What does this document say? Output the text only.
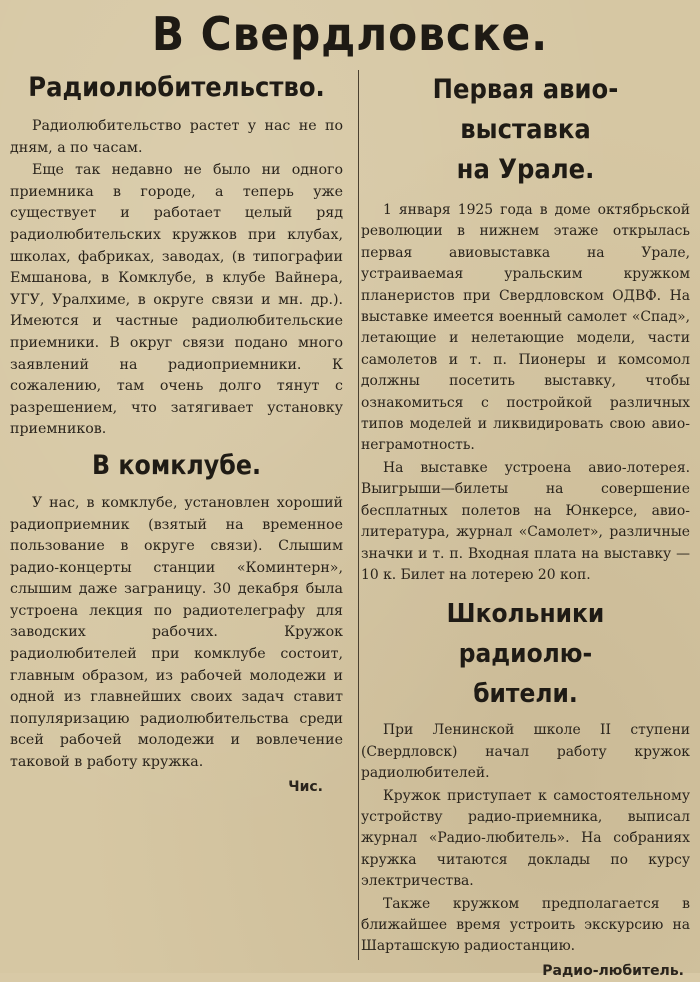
В Свердловске.
Радиолюбительство.

Радиолюбительство растет у нас не по дням, а по часам.

Еще так недавно не было ни одного приемника в городе, а теперь уже существует и работает целый ряд радиолюбительских кружков при клубах, школах, фабриках, заводах, (в типографии Емшанова, в Комклубе, в клубе Вайнера, УГУ, Уралхиме, в округе связи и мн. др.). Имеются и частные радиолюбительские приемники. В округ связи подано много заявлений на радиоприемники. К сожалению, там очень долго тянут с разрешением, что затягивает установку приемников.

В комклубе.

У нас, в комклубе, установлен хороший радиоприемник (взятый на временное пользование в округе связи). Слышим радио-концерты станции «Коминтерн», слышим даже заграницу. 30 декабря была устроена лекция по радиотелеграфу для заводских рабочих. Кружок радиолюбителей при комклубе состоит, главным образом, из рабочей молодежи и одной из главнейших своих задач ставит популяризацию радиолюбительства среди всей рабочей молодежи и вовлечение таковой в работу кружка.

Чис.
Первая авио-выставка
на Урале.

1 января 1925 года в доме октябрьской революции в нижнем этаже открылась первая авиовыставка на Урале, устраиваемая уральским кружком планеристов при Свердловском ОДВФ. На выставке имеется военный самолет «Спад», летающие и нелетающие модели, части самолетов и т. п. Пионеры и комсомол должны посетить выставку, чтобы ознакомиться с постройкой различных типов моделей и ликвидировать свою авио-неграмотность.

На выставке устроена авио-лотерея. Выигрыши—билеты на совершение бесплатных полетов на Юнкерсе, авио-литература, журнал «Самолет», различные значки и т. п. Входная плата на выставку —10 к. Билет на лотерею 20 коп.

Школьники радиолю-
бители.

При Ленинской школе II ступени (Свердловск) начал работу кружок радиолюбителей.

Кружок приступает к самостоятельному устройству радио-приемника, выписал журнал «Радио-любитель». На собраниях кружка читаются доклады по курсу электричества.

Также кружком предполагается в ближайшее время устроить экскурсию на Шарташскую радиостанцию.

Радио-любитель.
